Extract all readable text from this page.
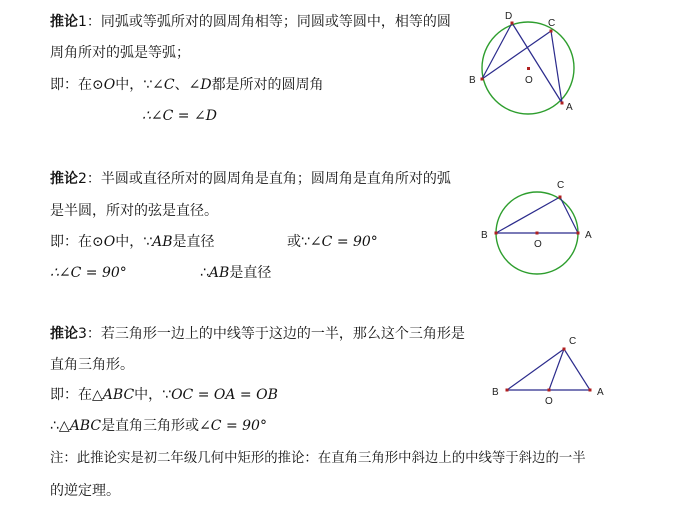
推论1：同弧或等弧所对的圆周角相等；同圆或等圆中，相等的圆
周角所对的弧是等弧；
即：在⊙O中，∵∠C、∠D都是所对的圆周角
∴∠C = ∠D
推论2：半圆或直径所对的圆周角是直角；圆周角是直角所对的弧
是半圆，所对的弦是直径。
即：在⊙O中，∵AB是直径	或∵∠C = 90°
∴∠C = 90°	∴AB是直径
推论3：若三角形一边上的中线等于这边的一半，那么这个三角形是
直角三角形。
即：在△ABC中，∵OC = OA = OB
∴△ABC是直角三角形或∠C = 90°
注：此推论实是初二年级几何中矩形的推论：在直角三角形中斜边上的中线等于斜边的一半
的逆定理。
D
C
B	O
A
C
B
O
A
C
B
O
A
